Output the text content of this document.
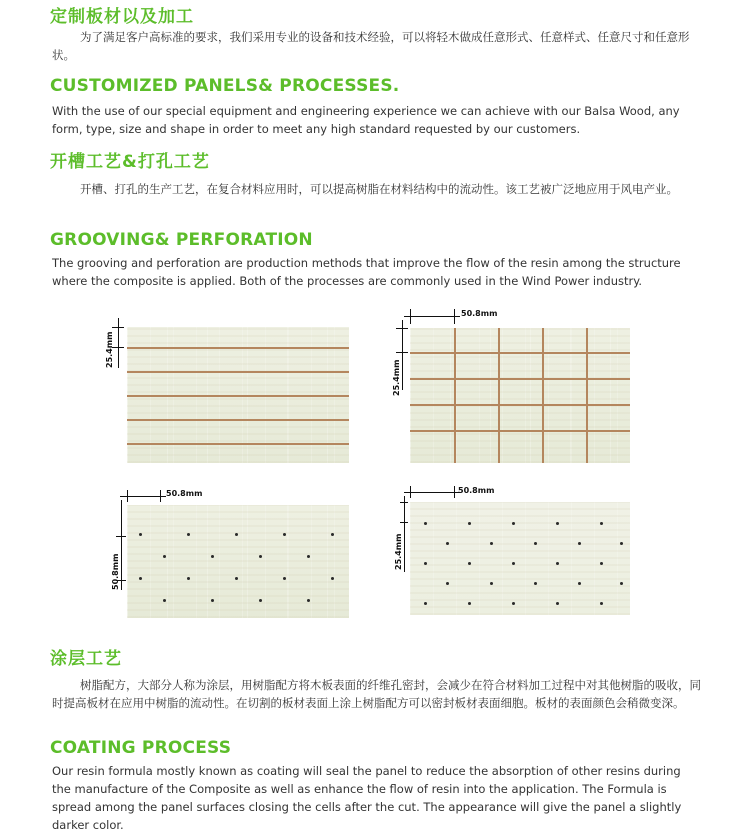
定制板材以及加工

为了满足客户高标准的要求，我们采用专业的设备和技术经验，可以将轻木做成任意形式、任意样式、任意尺寸和任意形状。

CUSTOMIZED PANELS& PROCESSES.

With the use of our special equipment and engineering experience we can achieve with our Balsa Wood, any form, type, size and shape in order to meet any high standard requested by our customers.

开槽工艺&打孔工艺

开槽、打孔的生产工艺，在复合材料应用时，可以提高树脂在材料结构中的流动性。该工艺被广泛地应用于风电产业。

GROOVING& PERFORATION

The grooving and perforation are production methods that improve the flow of the resin among the structure where the composite is applied. Both of the processes are commonly used in the Wind Power industry.

25.4mm
50.8mm
25.4mm
50.8mm
50.8mm
50.8mm
25.4mm
涂层工艺

树脂配方，大部分人称为涂层，用树脂配方将木板表面的纤维孔密封，会减少在符合材料加工过程中对其他树脂的吸收，同时提高板材在应用中树脂的流动性。在切割的板材表面上涂上树脂配方可以密封板材表面细胞。板材的表面颜色会稍微变深。

COATING PROCESS

Our resin formula mostly known as coating will seal the panel to reduce the absorption of other resins during the manufacture of the Composite as well as enhance the flow of resin into the application. The Formula is spread among the panel surfaces closing the cells after the cut. The appearance will give the panel a slightly darker color.
